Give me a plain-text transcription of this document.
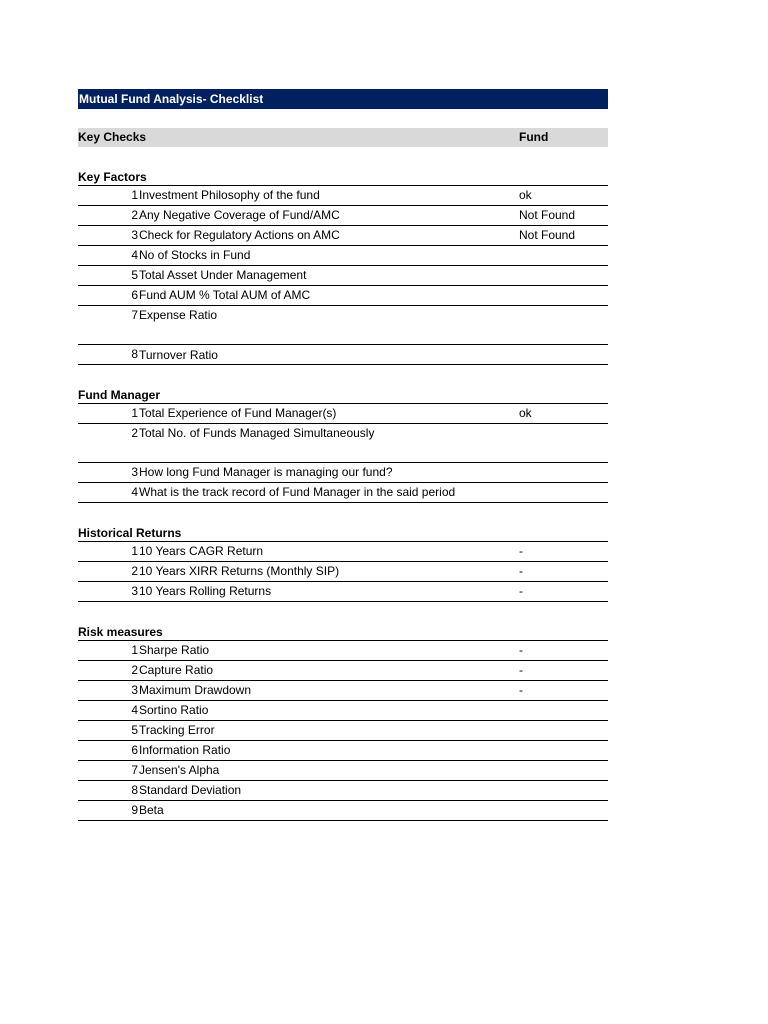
Mutual Fund Analysis- Checklist
Key Checks	Fund
Key Factors
1 Investment Philosophy of the fund	ok
2 Any Negative Coverage of Fund/AMC	Not Found
3 Check for Regulatory Actions on AMC	Not Found
4 No of Stocks in Fund
5 Total Asset Under Management
6 Fund AUM % Total AUM of AMC
7 Expense Ratio
8 Turnover Ratio
Fund Manager
1 Total Experience of Fund Manager(s)	ok
2 Total No. of Funds Managed Simultaneously
3 How long Fund Manager is managing our fund?
4 What is the track record of Fund Manager in the said period
Historical Returns
1 10 Years CAGR Return	-
2 10 Years XIRR Returns (Monthly SIP)	-
3 10 Years Rolling Returns	-
Risk measures
1 Sharpe Ratio	-
2 Capture Ratio	-
3 Maximum Drawdown	-
4 Sortino Ratio
5 Tracking Error
6 Information Ratio
7 Jensen's Alpha
8 Standard Deviation
9 Beta
